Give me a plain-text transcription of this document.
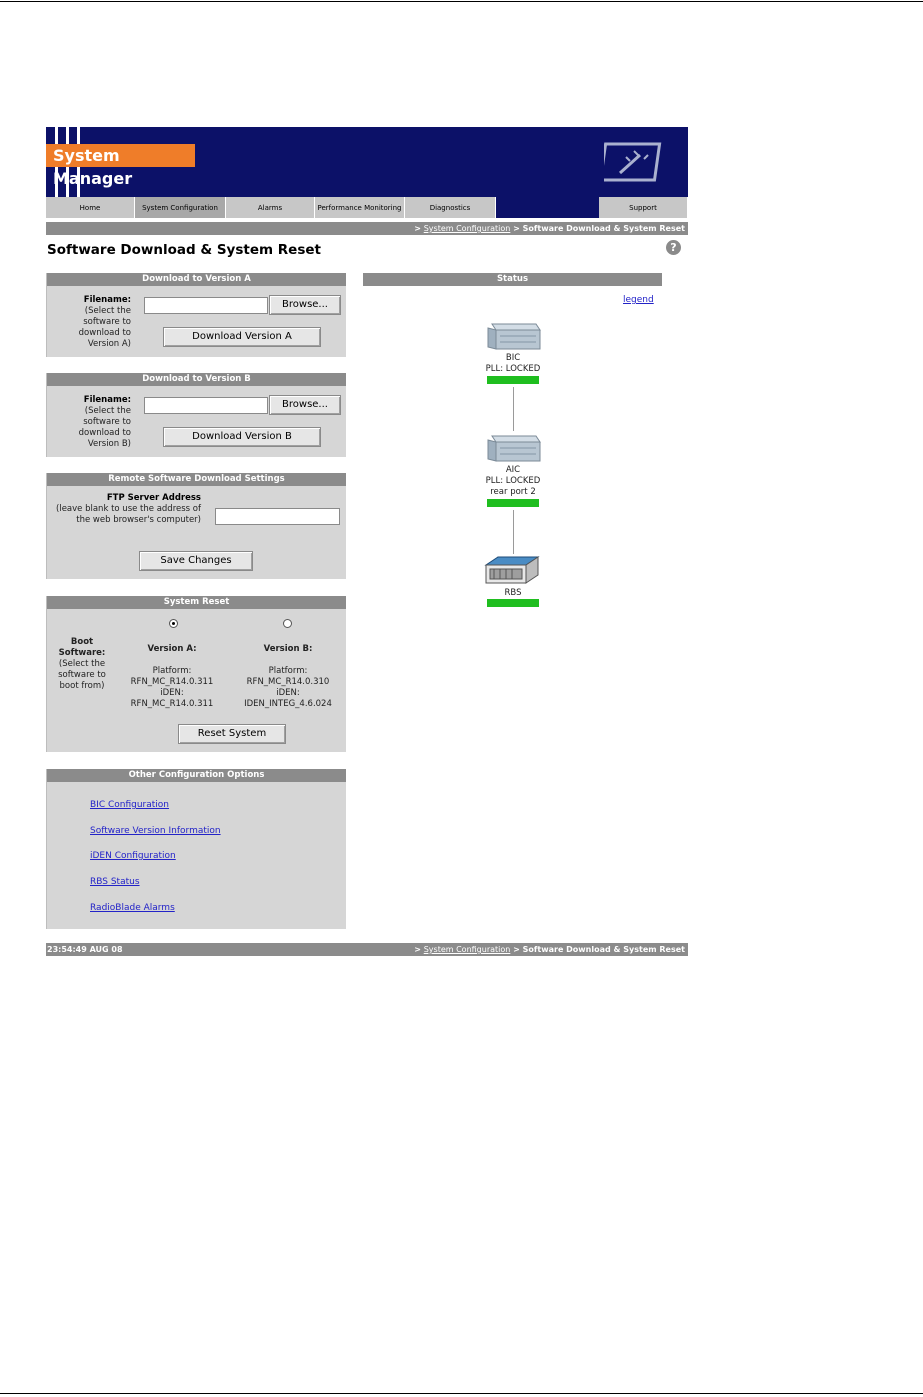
System Manager
Home	System Configuration	Alarms	Performance Monitoring	Diagnostics	Support
> System Configuration > Software Download & System Reset
Software Download & System Reset	?
Download to Version A
Filename:
(Select the software to download to Version A)
Browse...
Download Version A
Download to Version B
Filename:
(Select the software to download to Version B)
Browse...
Download Version B
Remote Software Download Settings
FTP Server Address
(leave blank to use the address of the web browser's computer)
Save Changes
System Reset
Boot Software:
(Select the software to boot from)
Version A:

Platform:
RFN_MC_R14.0.311
iDEN:
RFN_MC_R14.0.311
Version B:

Platform:
RFN_MC_R14.0.310
iDEN:
IDEN_INTEG_4.6.024
Reset System
Other Configuration Options
BIC Configuration
Software Version Information
iDEN Configuration
RBS Status
RadioBlade Alarms
Status
legend
BIC
PLL: LOCKED
AIC
PLL: LOCKED
rear port 2
RBS
23:54:49 AUG 08	> System Configuration > Software Download & System Reset
